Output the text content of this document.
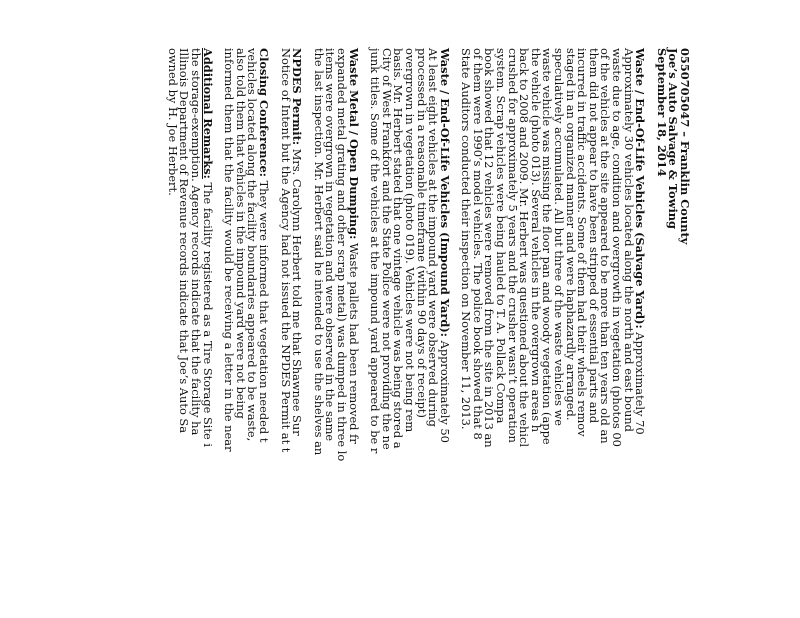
0550705047 – Franklin County
Joe’s Auto Salvage & Towing
September 18, 2014
Waste / End-Of-Life Vehicles (Salvage Yard): Approximately 70
Approximately 30 vehicles located along the north and east bound
waste due to age, condition and overgrowth in vegetation (photos 00
of the vehicles at the site appeared to be more than ten years old an
them did not appear to have been stripped of essential parts and
incurred in traffic accidents. Some of them had their wheels remov
staged in an organized manner and were haphazardly arranged.
speculatively accumulated. All but three of the waste vehicles we
waste vehicle was missing the floor pan and woody vegetation (appe
the vehicle (photo 013). Several vehicles in the overgrown areas h
back to 2008 and 2009. Mr. Herbert was questioned about the vehicl
crushed for approximately 5 years and the crusher wasn’t operation
system. Scrap vehicles were being hauled to T. A. Pollack Compa
book showed that 12 vehicles were removed from the site in 2013 an
of them were 1990’s model vehicles. The police book showed that 8
State Auditors conducted their inspection on November 11, 2013.
Waste / End-Of-Life Vehicles (Impound Yard): Approximately 50
At least eight vehicles at the impound yard were observed during
processed in a reasonable timeframe (within 90 days of receipt)
overgrown in vegetation (photo 019). Vehicles were not being rem
basis. Mr. Herbert stated that one vintage vehicle was being stored a
City of West Frankfort and the State Police were not providing the ne
junk titles. Some of the vehicles at the impound yard appeared to be r
Waste Metal / Open Dumping: Waste pallets had been removed fr
expanded metal grating and other scrap metal) was dumped in three lo
items were overgrown in vegetation and were observed in the same
the last inspection. Mr. Herbert said he intended to use the shelves an
NPDES Permit: Mrs. Carolynn Herbert told me that Shawnee Sur
Notice of Intent but the Agency had not issued the NPDES Permit at t
Closing Conference: They were informed that vegetation needed t
vehicles located along the facility boundaries appeared to be waste,
also told them that vehicles in the impound yard were not being
informed them that the facility would be receiving a letter in the near
Additional Remarks: The facility registered as a Tire Storage Site i
the storage-exemption. Agency records indicate that the facility ha
Illinois Department of Revenue records indicate that Joe’s Auto Sa
owned by H. Joe Herbert.
